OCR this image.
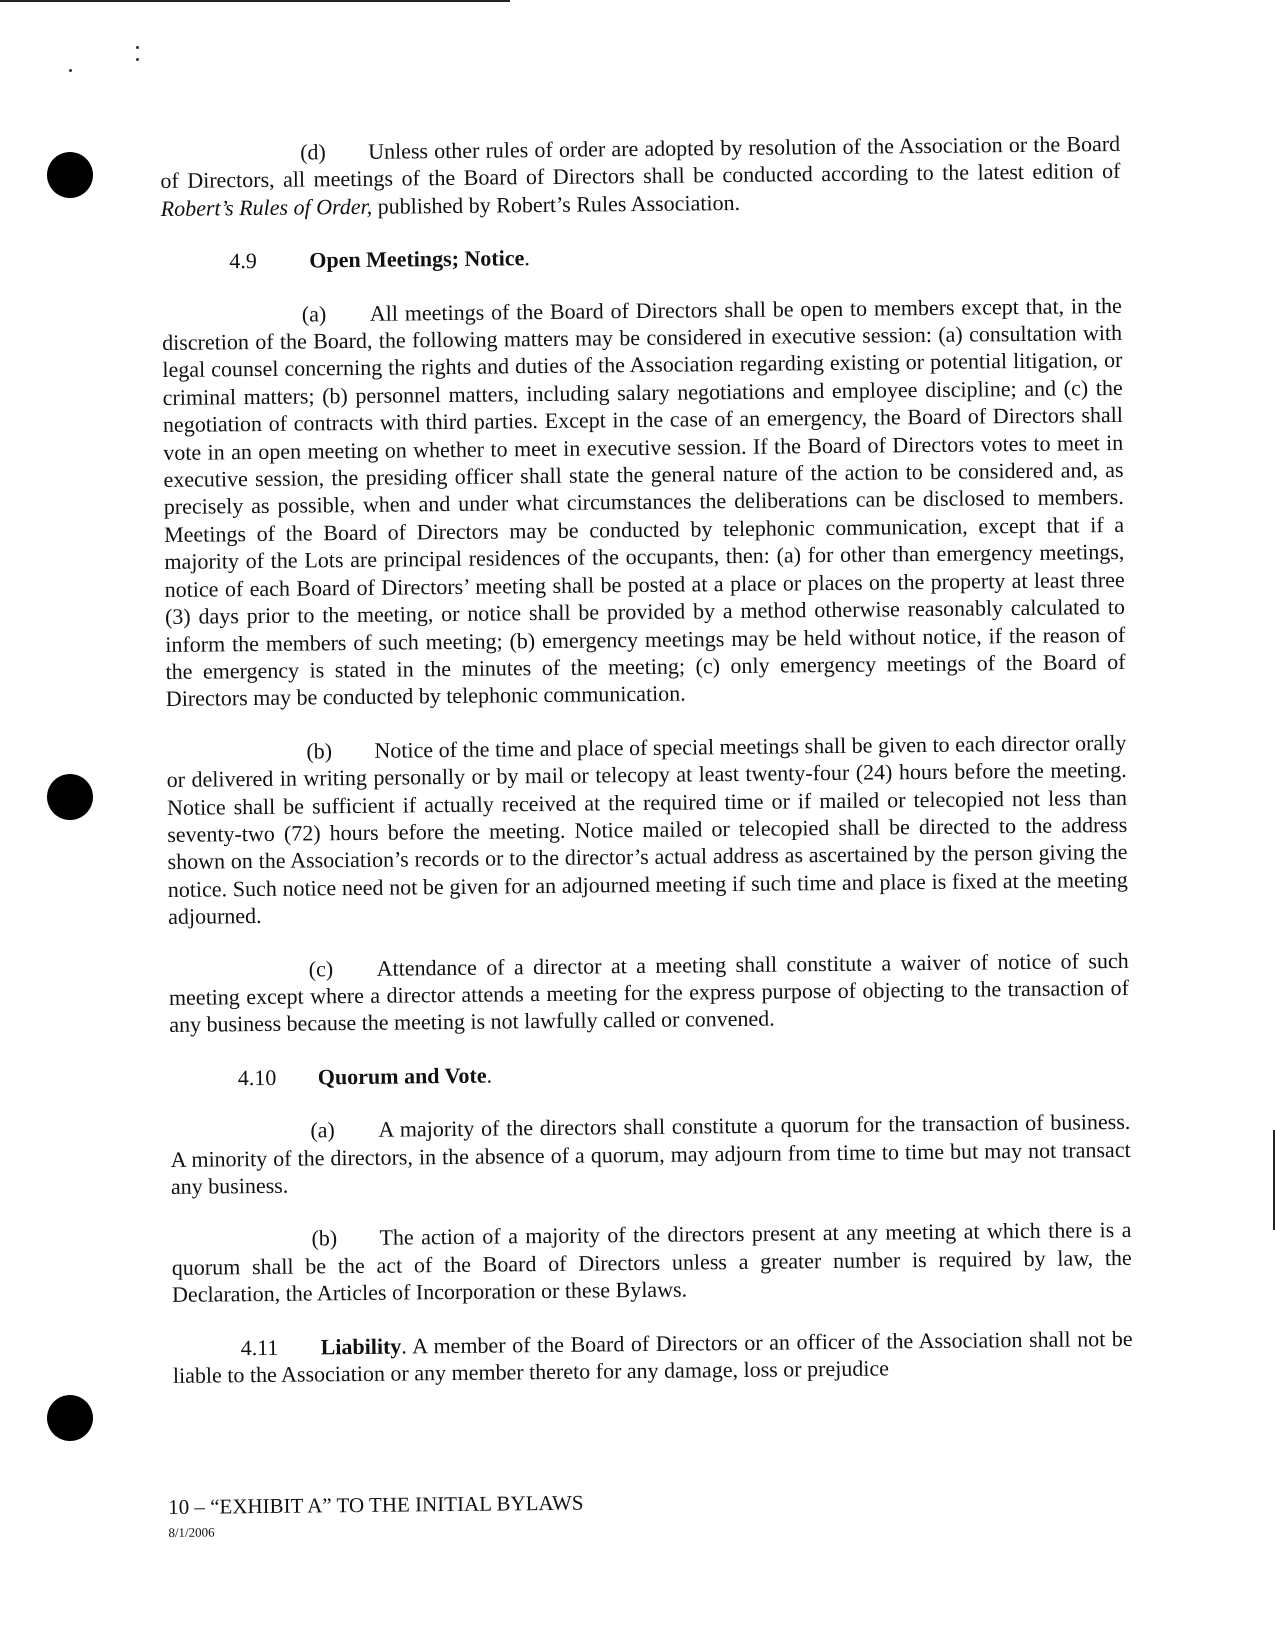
(d) Unless other rules of order are adopted by resolution of the Association or the Board of Directors, all meetings of the Board of Directors shall be conducted according to the latest edition of Robert’s Rules of Order, published by Robert’s Rules Association.

4.9 Open Meetings; Notice.

(a) All meetings of the Board of Directors shall be open to members except that, in the discretion of the Board, the following matters may be considered in executive session: (a) consultation with legal counsel concerning the rights and duties of the Association regarding existing or potential litigation, or criminal matters; (b) personnel matters, including salary negotiations and employee discipline; and (c) the negotiation of contracts with third parties. Except in the case of an emergency, the Board of Directors shall vote in an open meeting on whether to meet in executive session. If the Board of Directors votes to meet in executive session, the presiding officer shall state the general nature of the action to be considered and, as precisely as possible, when and under what circumstances the deliberations can be disclosed to members. Meetings of the Board of Directors may be conducted by telephonic communication, except that if a majority of the Lots are principal residences of the occupants, then: (a) for other than emergency meetings, notice of each Board of Directors’ meeting shall be posted at a place or places on the property at least three (3) days prior to the meeting, or notice shall be provided by a method otherwise reasonably calculated to inform the members of such meeting; (b) emergency meetings may be held without notice, if the reason of the emergency is stated in the minutes of the meeting; (c) only emergency meetings of the Board of Directors may be conducted by telephonic communication.

(b) Notice of the time and place of special meetings shall be given to each director orally or delivered in writing personally or by mail or telecopy at least twenty-four (24) hours before the meeting. Notice shall be sufficient if actually received at the required time or if mailed or telecopied not less than seventy-two (72) hours before the meeting. Notice mailed or telecopied shall be directed to the address shown on the Association’s records or to the director’s actual address as ascertained by the person giving the notice. Such notice need not be given for an adjourned meeting if such time and place is fixed at the meeting adjourned.

(c) Attendance of a director at a meeting shall constitute a waiver of notice of such meeting except where a director attends a meeting for the express purpose of objecting to the transaction of any business because the meeting is not lawfully called or convened.

4.10 Quorum and Vote.

(a) A majority of the directors shall constitute a quorum for the transaction of business. A minority of the directors, in the absence of a quorum, may adjourn from time to time but may not transact any business.

(b) The action of a majority of the directors present at any meeting at which there is a quorum shall be the act of the Board of Directors unless a greater number is required by law, the Declaration, the Articles of Incorporation or these Bylaws.

4.11 Liability. A member of the Board of Directors or an officer of the Association shall not be liable to the Association or any member thereto for any damage, loss or prejudice

10 – “EXHIBIT A” TO THE INITIAL BYLAWS
8/1/2006
